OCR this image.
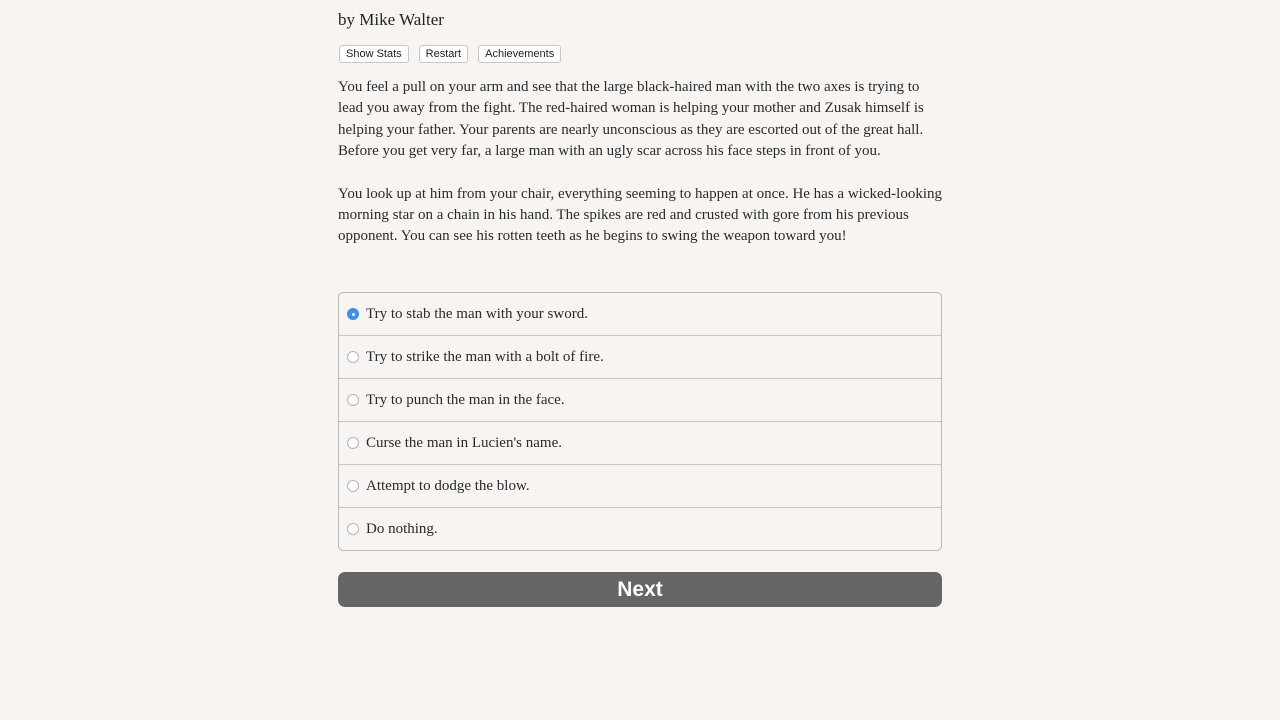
by Mike Walter
Show Stats	Restart	Achievements

You feel a pull on your arm and see that the large black-haired man with the two axes is trying to lead you away from the fight. The red-haired woman is helping your mother and Zusak himself is helping your father. Your parents are nearly unconscious as they are escorted out of the great hall. Before you get very far, a large man with an ugly scar across his face steps in front of you.

You look up at him from your chair, everything seeming to happen at once. He has a wicked-looking morning star on a chain in his hand. The spikes are red and crusted with gore from his previous opponent. You can see his rotten teeth as he begins to swing the weapon toward you!

Try to stab the man with your sword.
Try to strike the man with a bolt of fire.
Try to punch the man in the face.
Curse the man in Lucien's name.
Attempt to dodge the blow.
Do nothing.
Next
